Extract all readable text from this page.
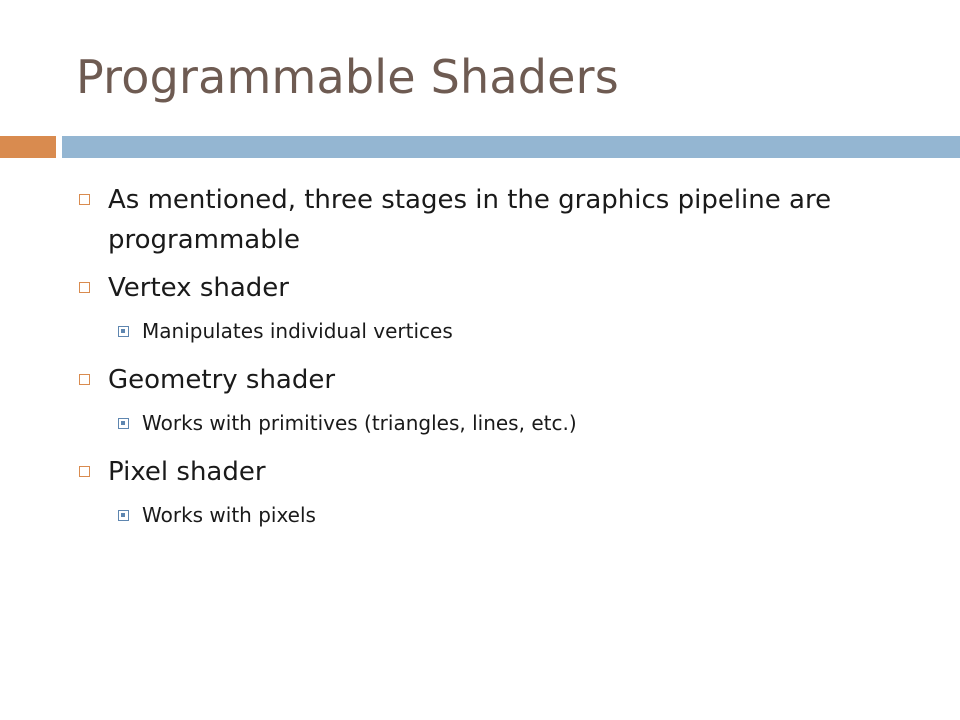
Programmable Shaders
As mentioned, three stages in the graphics pipeline are programmable
Vertex shader
Manipulates individual vertices
Geometry shader
Works with primitives (triangles, lines, etc.)
Pixel shader
Works with pixels
